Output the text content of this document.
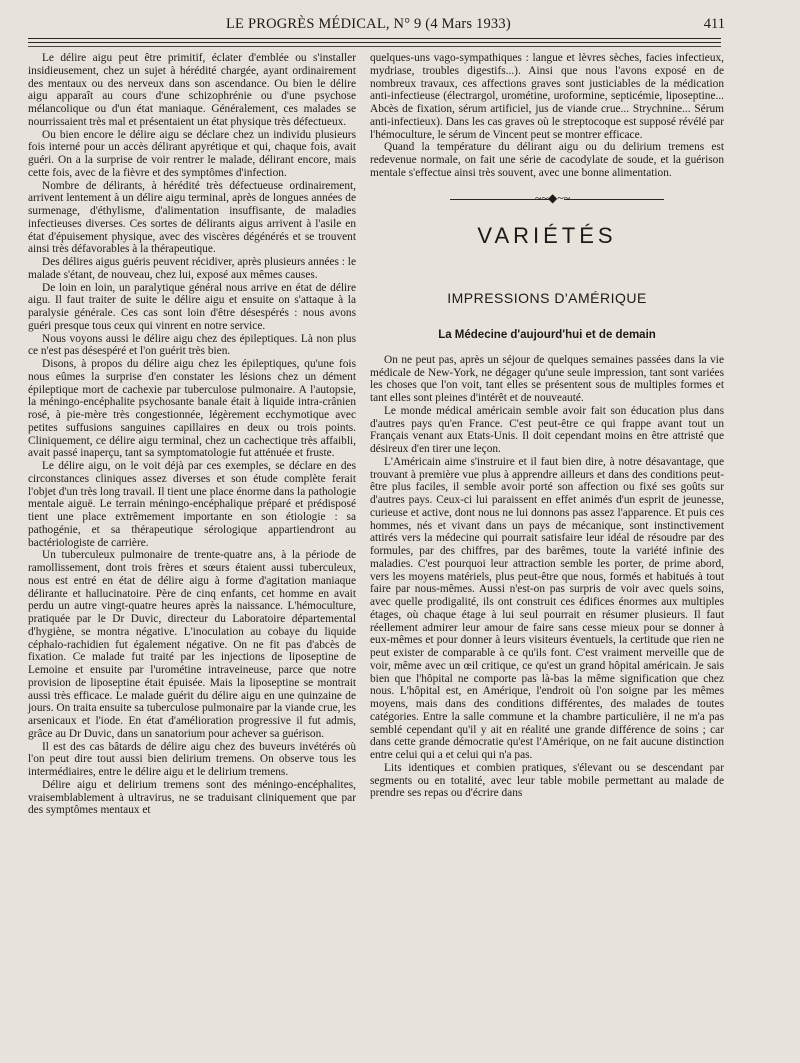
LE PROGRÈS MÉDICAL, N° 9 (4 Mars 1933)	411

Le délire aigu peut être primitif, éclater d'emblée ou s'installer insidieusement, chez un sujet à hérédité chargée, ayant ordinairement des mentaux ou des nerveux dans son ascendance. Ou bien le délire aigu apparaît au cours d'une schizophrénie ou d'une psychose mélancolique ou d'un état maniaque. Généralement, ces malades se nourrissaient très mal et présentaient un état physique très défectueux.

Ou bien encore le délire aigu se déclare chez un individu plusieurs fois interné pour un accès délirant apyrétique et qui, chaque fois, avait guéri. On a la surprise de voir rentrer le malade, délirant encore, mais cette fois, avec de la fièvre et des symptômes d'infection.

Nombre de délirants, à hérédité très défectueuse ordinairement, arrivent lentement à un délire aigu terminal, après de longues années de surmenage, d'éthylisme, d'alimentation insuffisante, de maladies infectieuses diverses. Ces sortes de délirants aigus arrivent à l'asile en état d'épuisement physique, avec des viscères dégénérés et se trouvent ainsi très défavorables à la thérapeutique.

Des délires aigus guéris peuvent récidiver, après plusieurs années : le malade s'étant, de nouveau, chez lui, exposé aux mêmes causes.

De loin en loin, un paralytique général nous arrive en état de délire aigu. Il faut traiter de suite le délire aigu et ensuite on s'attaque à la paralysie générale. Ces cas sont loin d'être désespérés : nous avons guéri presque tous ceux qui vinrent en notre service.

Nous voyons aussi le délire aigu chez des épileptiques. Là non plus ce n'est pas désespéré et l'on guérit très bien.

Disons, à propos du délire aigu chez les épileptiques, qu'une fois nous eûmes la surprise d'en constater les lésions chez un dément épileptique mort de cachexie par tuberculose pulmonaire. A l'autopsie, la méningo-encéphalite psychosante banale était à liquide intra-crânien rosé, à pie-mère très congestionnée, légèrement ecchymotique avec petites suffusions sanguines capillaires en deux ou trois points. Cliniquement, ce délire aigu terminal, chez un cachectique très affaibli, avait passé inaperçu, tant sa symptomatologie fut atténuée et fruste.

Le délire aigu, on le voit déjà par ces exemples, se déclare en des circonstances cliniques assez diverses et son étude complète ferait l'objet d'un très long travail. Il tient une place énorme dans la pathologie mentale aiguë. Le terrain méningo-encéphalique préparé et prédisposé tient une place extrêmement importante en son étiologie : sa pathogénie, et sa thérapeutique sérologique appartiendront au bactériologiste de carrière.

Un tuberculeux pulmonaire de trente-quatre ans, à la période de ramollissement, dont trois frères et sœurs étaient aussi tuberculeux, nous est entré en état de délire aigu à forme d'agitation maniaque délirante et hallucinatoire. Père de cinq enfants, cet homme en avait perdu un autre vingt-quatre heures après la naissance. L'hémoculture, pratiquée par le Dr Duvic, directeur du Laboratoire départemental d'hygiène, se montra négative. L'inoculation au cobaye du liquide céphalo-rachidien fut également négative. On ne fit pas d'abcès de fixation. Ce malade fut traité par les injections de liposeptine de Lemoine et ensuite par l'urométine intraveineuse, parce que notre provision de liposeptine était épuisée. Mais la liposeptine se montrait aussi très efficace. Le malade guérit du délire aigu en une quinzaine de jours. On traita ensuite sa tuberculose pulmonaire par la viande crue, les arsenicaux et l'iode. En état d'amélioration progressive il fut admis, grâce au Dr Duvic, dans un sanatorium pour achever sa guérison.

Il est des cas bâtards de délire aigu chez des buveurs invétérés où l'on peut dire tout aussi bien delirium tremens. On observe tous les intermédiaires, entre le délire aigu et le delirium tremens.

Délire aigu et delirium tremens sont des méningo-encéphalites, vraisemblablement à ultravirus, ne se traduisant cliniquement que par des symptômes mentaux et

quelques-uns vago-sympathiques : langue et lèvres sèches, facies infectieux, mydriase, troubles digestifs...). Ainsi que nous l'avons exposé en de nombreux travaux, ces affections graves sont justiciables de la médication anti-infectieuse (électrargol, urométine, uroformine, septicémie, liposeptine... Abcès de fixation, sérum artificiel, jus de viande crue... Strychnine... Sérum anti-infectieux). Dans les cas graves où le streptocoque est supposé révélé par l'hémoculture, le sérum de Vincent peut se montrer efficace.

Quand la température du délirant aigu ou du delirium tremens est redevenue normale, on fait une série de cacodylate de soude, et la guérison mentale s'effectue ainsi très souvent, avec une bonne alimentation.

~~◆~~
VARIÉTÉS
IMPRESSIONS D'AMÉRIQUE
La Médecine d'aujourd'hui et de demain

On ne peut pas, après un séjour de quelques semaines passées dans la vie médicale de New-York, ne dégager qu'une seule impression, tant sont variées les choses que l'on voit, tant elles se présentent sous de multiples formes et tant elles sont pleines d'intérêt et de nouveauté.

Le monde médical américain semble avoir fait son éducation plus dans d'autres pays qu'en France. C'est peut-être ce qui frappe avant tout un Français venant aux Etats-Unis. Il doit cependant moins en être attristé que désireux d'en tirer une leçon.

L'Américain aime s'instruire et il faut bien dire, à notre désavantage, que trouvant à première vue plus à apprendre ailleurs et dans des conditions peut-être plus faciles, il semble avoir porté son affection ou fixé ses goûts sur d'autres pays. Ceux-ci lui paraissent en effet animés d'un esprit de jeunesse, curieuse et active, dont nous ne lui donnons pas assez l'apparence. Et puis ces hommes, nés et vivant dans un pays de mécanique, sont instinctivement attirés vers la médecine qui pourrait satisfaire leur idéal de résoudre par des formules, par des chiffres, par des barêmes, toute la variété infinie des maladies. C'est pourquoi leur attraction semble les porter, de prime abord, vers les moyens matériels, plus peut-être que nous, formés et habitués à tout faire par nous-mêmes. Aussi n'est-on pas surpris de voir avec quels soins, avec quelle prodigalité, ils ont construit ces édifices énormes aux multiples étages, où chaque étage à lui seul pourrait en résumer plusieurs. Il faut réellement admirer leur amour de faire sans cesse mieux pour se donner à eux-mêmes et pour donner à leurs visiteurs éventuels, la certitude que rien ne peut exister de comparable à ce qu'ils font. C'est vraiment merveille que de voir, même avec un œil critique, ce qu'est un grand hôpital américain. Je sais bien que l'hôpital ne comporte pas là-bas la même signification que chez nous. L'hôpital est, en Amérique, l'endroit où l'on soigne par les mêmes moyens, mais dans des conditions différentes, des malades de toutes catégories. Entre la salle commune et la chambre particulière, il ne m'a pas semblé cependant qu'il y ait en réalité une grande différence de soins ; car dans cette grande démocratie qu'est l'Amérique, on ne fait aucune distinction entre celui qui a et celui qui n'a pas.

Lits identiques et combien pratiques, s'élevant ou se descendant par segments ou en totalité, avec leur table mobile permettant au malade de prendre ses repas ou d'écrire dans
